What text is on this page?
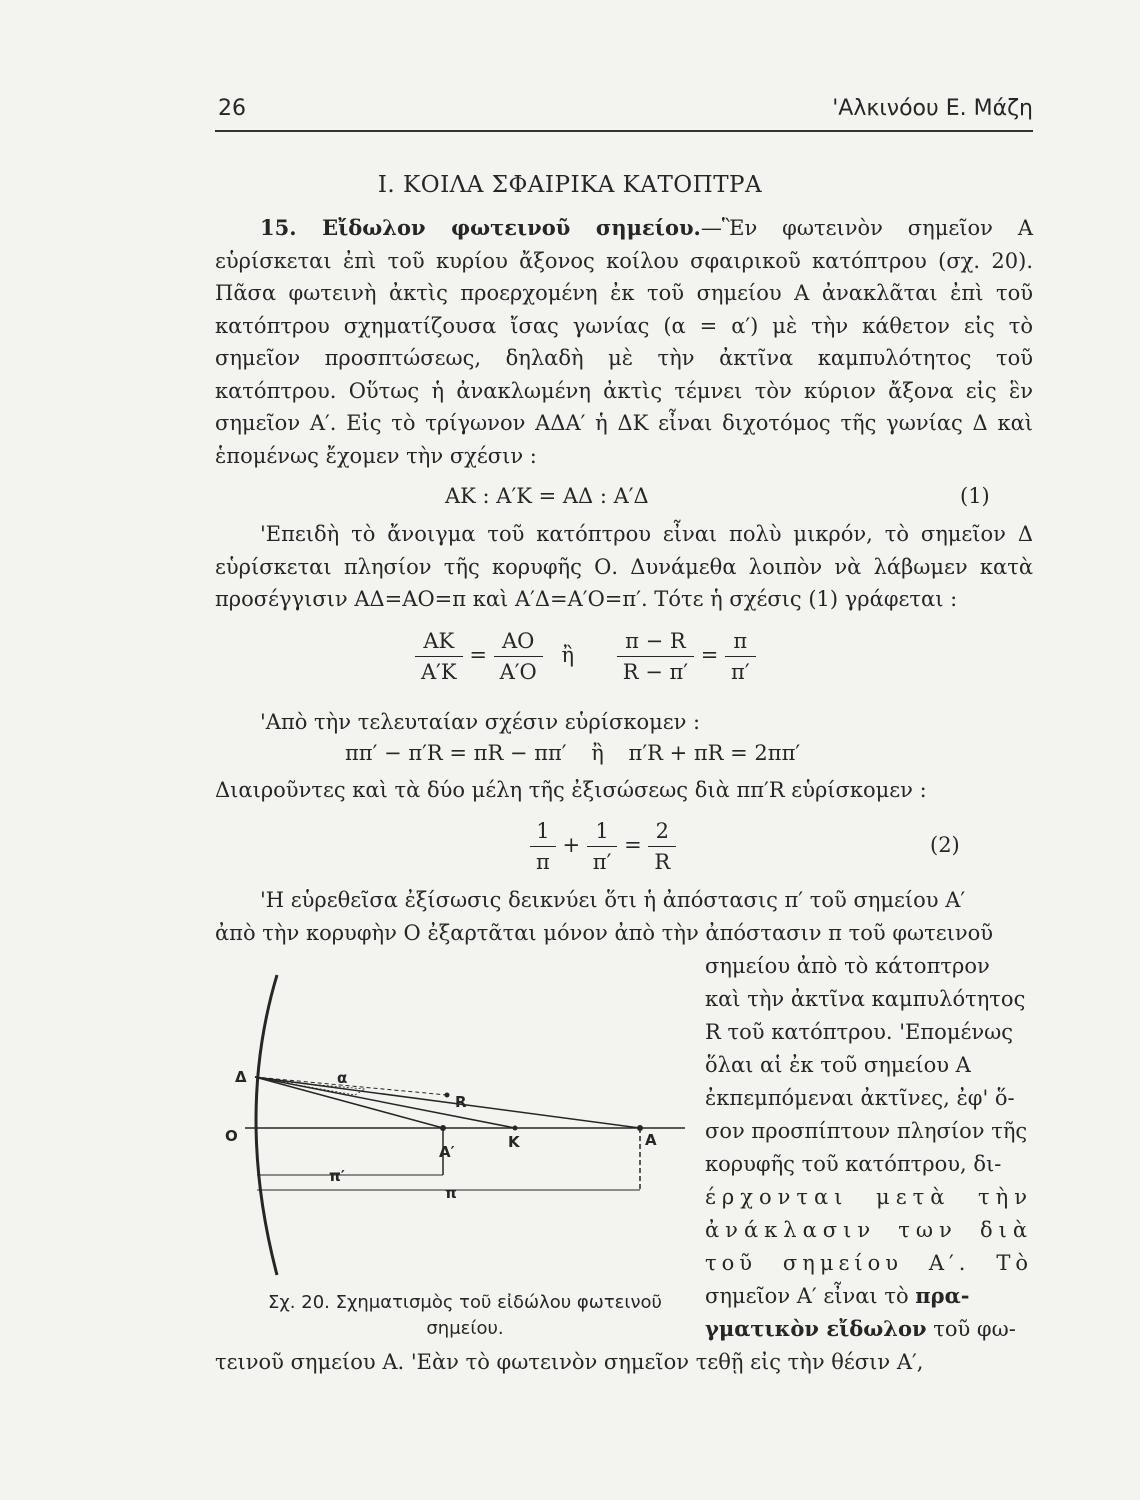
26	'Αλκινόου Ε. Μάζη
Ι. ΚΟΙΛΑ ΣΦΑΙΡΙΚΑ ΚΑΤΟΠΤΡΑ

15. Εἴδωλον φωτεινοῦ σημείου.—Ἓν φωτεινὸν σημεῖον Α εὑρίσκεται ἐπὶ τοῦ κυρίου ἄξονος κοίλου σφαιρικοῦ κατόπτρου (σχ. 20). Πᾶσα φωτεινὴ ἀκτὶς προερχομένη ἐκ τοῦ σημείου Α ἀνακλᾶται ἐπὶ τοῦ κατόπτρου σχηματίζουσα ἴσας γωνίας (α = α′) μὲ τὴν κάθετον εἰς τὸ σημεῖον προσπτώσεως, δηλαδὴ μὲ τὴν ἀκτῖνα καμπυλότητος τοῦ κατόπτρου. Οὕτως ἡ ἀνακλωμένη ἀκτὶς τέμνει τὸν κύριον ἄξονα εἰς ἓν σημεῖον Α′. Εἰς τὸ τρίγωνον ΑΔΑ′ ἡ ΔΚ εἶναι διχοτόμος τῆς γωνίας Δ καὶ ἑπομένως ἔχομεν τὴν σχέσιν :

AK : A′K = AΔ : A′Δ	(1)

'Επειδὴ τὸ ἄνοιγμα τοῦ κατόπτρου εἶναι πολὺ μικρόν, τὸ σημεῖον Δ εὑρίσκεται πλησίον τῆς κορυφῆς Ο. Δυνάμεθα λοιπὸν νὰ λάβωμεν κατὰ προσέγγισιν ΑΔ=ΑΟ=π καὶ Α′Δ=Α′Ο=π′. Τότε ἡ σχέσις (1) γράφεται :

$\frac{AK}{A'K} = \frac{AO}{A'O}$ ἢ $\frac{\pi - R}{R - \pi'} = \frac{\pi}{\pi'}$

'Απὸ τὴν τελευταίαν σχέσιν εὑρίσκομεν :

ππ′ − π′R = πR − ππ′ ἢ π′R + πR = 2ππ′

Διαιροῦντες καὶ τὰ δύο μέλη τῆς ἐξισώσεως διὰ ππ′R εὑρίσκομεν :

$\frac{1}{\pi} + \frac{1}{\pi'} = \frac{2}{R}$	(2)

'Η εὑρεθεῖσα ἐξίσωσις δεικνύει ὅτι ἡ ἀπόστασις π′ τοῦ σημείου Α′

ἀπὸ τὴν κορυφὴν Ο ἐξαρτᾶται μόνον ἀπὸ τὴν ἀπόστασιν π τοῦ φωτεινοῦ

σημείου ἀπὸ τὸ κάτοπτρον
καὶ τὴν ἀκτῖνα καμπυλότητος
R τοῦ κατόπτρου. 'Επομένως
ὅλαι αἱ ἐκ τοῦ σημείου Α
ἐκπεμπόμεναι ἀκτῖνες, ἐφ' ὅ-
σον προσπίπτουν πλησίον τῆς
κορυφῆς τοῦ κατόπτρου, δι-
έρχονται μετὰ τὴν
ἀνάκλασιν των διὰ
τοῦ σημείου Α′. Τὸ
σημεῖον Α′ εἶναι τὸ πρα-
γματικὸν εἴδωλον τοῦ φω-

τεινοῦ σημείου Α. 'Εὰν τὸ φωτεινὸν σημεῖον τεθῇ εἰς τὴν θέσιν Α′,

Δ
O
R
K	A
A′
α
π′
π
Σχ. 20. Σχηματισμὸς τοῦ εἰδώλου φωτεινοῦ
σημείου.
